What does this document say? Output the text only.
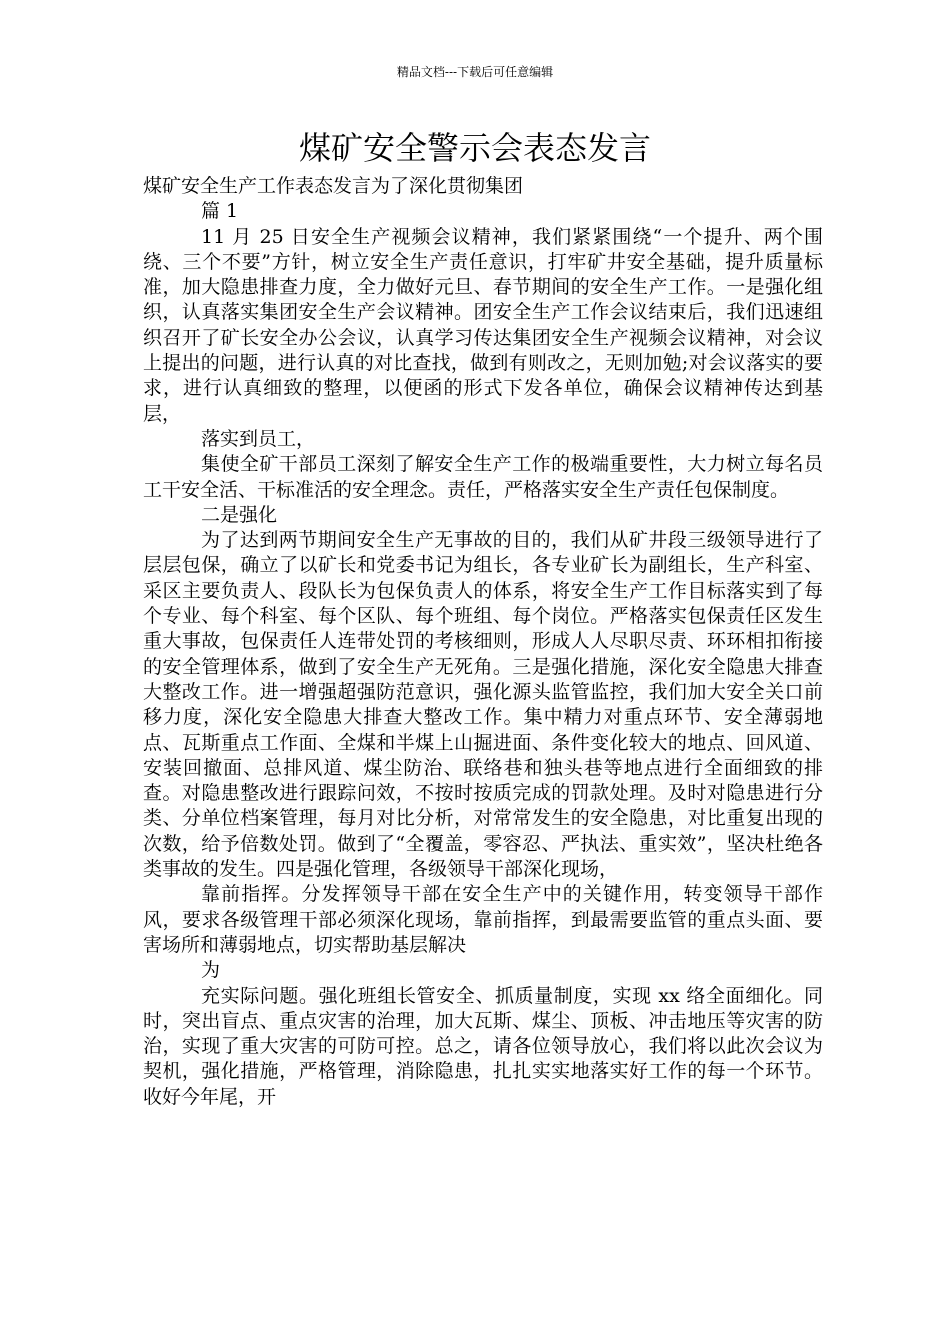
精品文档---下载后可任意编辑
煤矿安全警示会表态发言

煤矿安全生产工作表态发言为了深化贯彻集团

篇 1

11 月 25 日安全生产视频会议精神，我们紧紧围绕“一个提升、两个围绕、三个不要”方针，树立安全生产责任意识，打牢矿井安全基础，提升质量标准，加大隐患排查力度，全力做好元旦、春节期间的安全生产工作。一是强化组织，认真落实集团安全生产会议精神。团安全生产工作会议结束后，我们迅速组织召开了矿长安全办公会议，认真学习传达集团安全生产视频会议精神，对会议上提出的问题，进行认真的对比查找，做到有则改之，无则加勉;对会议落实的要求，进行认真细致的整理，以便函的形式下发各单位，确保会议精神传达到基层，

落实到员工，

集使全矿干部员工深刻了解安全生产工作的极端重要性，大力树立每名员工干安全活、干标准活的安全理念。责任，严格落实安全生产责任包保制度。

二是强化

为了达到两节期间安全生产无事故的目的，我们从矿井段三级领导进行了层层包保，确立了以矿长和党委书记为组长，各专业矿长为副组长，生产科室、采区主要负责人、段队长为包保负责人的体系，将安全生产工作目标落实到了每个专业、每个科室、每个区队、每个班组、每个岗位。严格落实包保责任区发生重大事故，包保责任人连带处罚的考核细则，形成人人尽职尽责、环环相扣衔接的安全管理体系，做到了安全生产无死角。三是强化措施，深化安全隐患大排查大整改工作。进一增强超强防范意识，强化源头监管监控，我们加大安全关口前移力度，深化安全隐患大排查大整改工作。集中精力对重点环节、安全薄弱地点、瓦斯重点工作面、全煤和半煤上山掘进面、条件变化较大的地点、回风道、安装回撤面、总排风道、煤尘防治、联络巷和独头巷等地点进行全面细致的排查。对隐患整改进行跟踪问效，不按时按质完成的罚款处理。及时对隐患进行分类、分单位档案管理，每月对比分析，对常常发生的安全隐患，对比重复出现的次数，给予倍数处罚。做到了“全覆盖，零容忍、严执法、重实效”，坚决杜绝各类事故的发生。四是强化管理，各级领导干部深化现场，

靠前指挥。分发挥领导干部在安全生产中的关键作用，转变领导干部作风，要求各级管理干部必须深化现场，靠前指挥，到最需要监管的重点头面、要害场所和薄弱地点，切实帮助基层解决

为

充实际问题。强化班组长管安全、抓质量制度，实现 xx 络全面细化。同时，突出盲点、重点灾害的治理，加大瓦斯、煤尘、顶板、冲击地压等灾害的防治，实现了重大灾害的可防可控。总之，请各位领导放心，我们将以此次会议为契机，强化措施，严格管理，消除隐患，扎扎实实地落实好工作的每一个环节。收好今年尾，开
